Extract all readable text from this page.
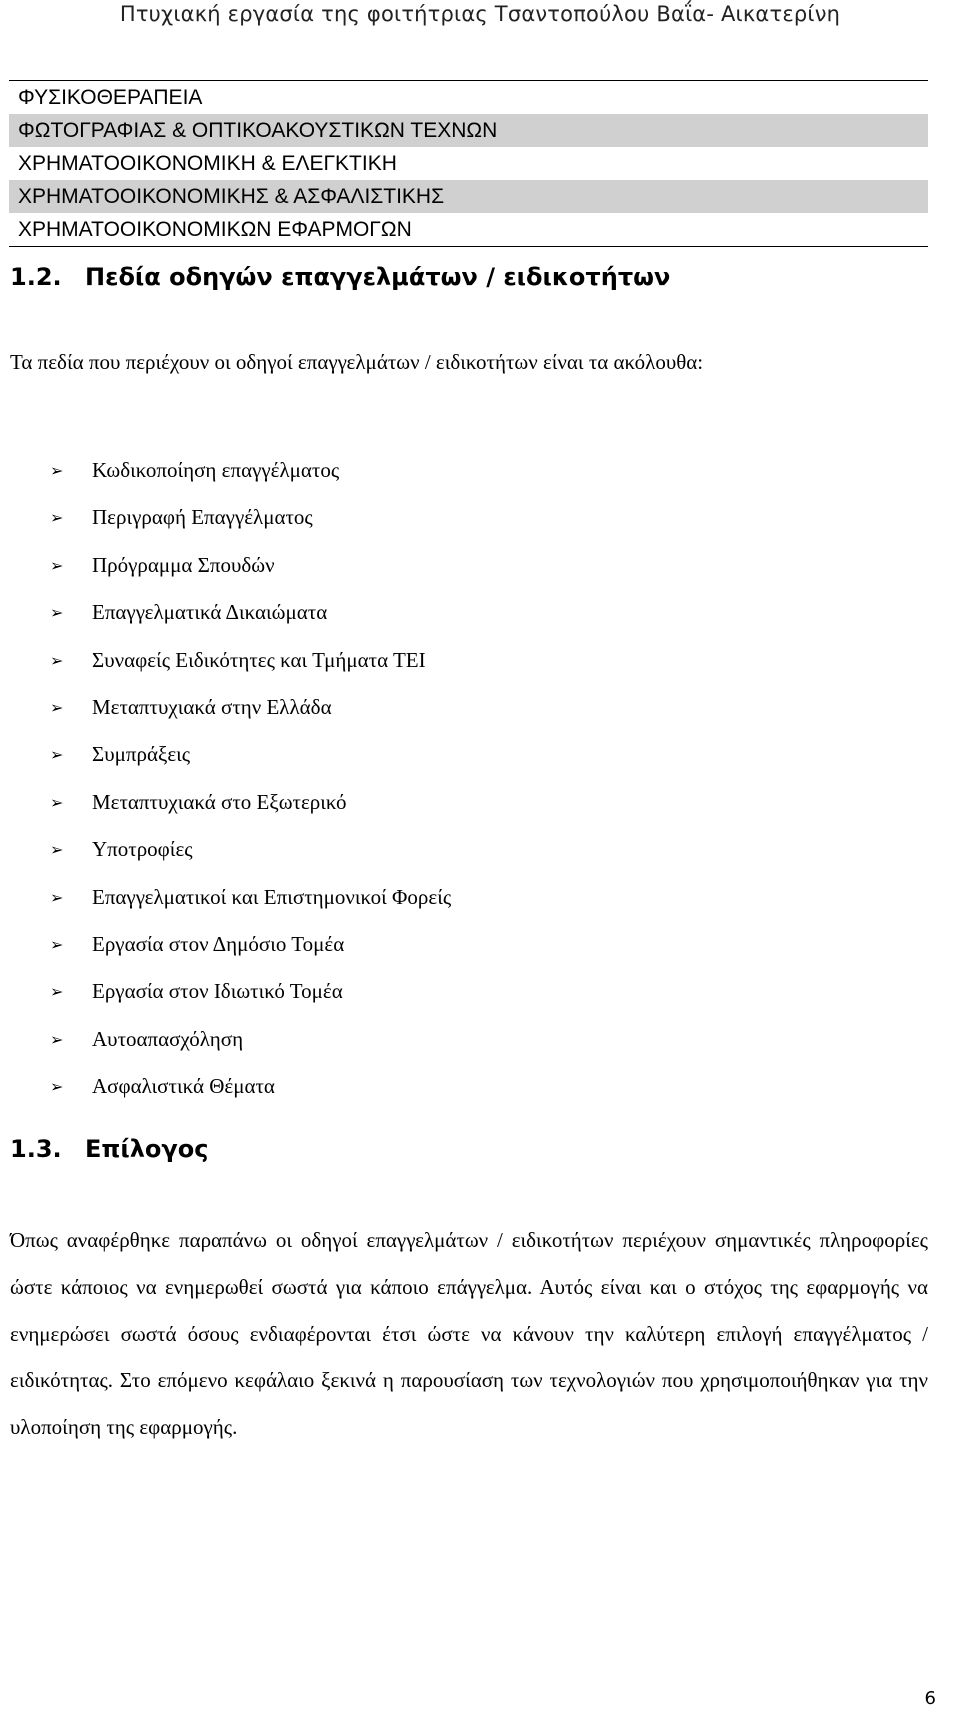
Πτυχιακή εργασία της φοιτήτριας Τσαντοπούλου Βαΐα- Αικατερίνη
ΦΥΣΙΚΟΘΕΡΑΠΕΙΑ
ΦΩΤΟΓΡΑΦΙΑΣ & ΟΠΤΙΚΟΑΚΟΥΣΤΙΚΩΝ ΤΕΧΝΩΝ
ΧΡΗΜΑΤΟΟΙΚΟΝΟΜΙΚΗ & ΕΛΕΓΚΤΙΚΗ
ΧΡΗΜΑΤΟΟΙΚΟΝΟΜΙΚΗΣ & ΑΣΦΑΛΙΣΤΙΚΗΣ
ΧΡΗΜΑΤΟΟΙΚΟΝΟΜΙΚΩΝ ΕΦΑΡΜΟΓΩΝ
1.2. Πεδία οδηγών επαγγελμάτων / ειδικοτήτων
Τα πεδία που περιέχουν οι οδηγοί επαγγελμάτων / ειδικοτήτων είναι τα ακόλουθα:
➢	Κωδικοποίηση επαγγέλματος
➢	Περιγραφή Επαγγέλματος
➢	Πρόγραμμα Σπουδών
➢	Επαγγελματικά Δικαιώματα
➢	Συναφείς Ειδικότητες και Τμήματα ΤΕΙ
➢	Μεταπτυχιακά στην Ελλάδα
➢	Συμπράξεις
➢	Μεταπτυχιακά στο Εξωτερικό
➢	Υποτροφίες
➢	Επαγγελματικοί και Επιστημονικοί Φορείς
➢	Εργασία στον Δημόσιο Τομέα
➢	Εργασία στον Ιδιωτικό Τομέα
➢	Αυτοαπασχόληση
➢	Ασφαλιστικά Θέματα
1.3. Επίλογος
Όπως αναφέρθηκε παραπάνω οι οδηγοί επαγγελμάτων / ειδικοτήτων περιέχουν σημαντικές πληροφορίες ώστε κάποιος να ενημερωθεί σωστά για κάποιο επάγγελμα. Αυτός είναι και ο στόχος της εφαρμογής να ενημερώσει σωστά όσους ενδιαφέρονται έτσι ώστε να κάνουν την καλύτερη επιλογή επαγγέλματος / ειδικότητας. Στο επόμενο κεφάλαιο ξεκινά η παρουσίαση των τεχνολογιών που χρησιμοποιήθηκαν για την υλοποίηση της εφαρμογής.
6
